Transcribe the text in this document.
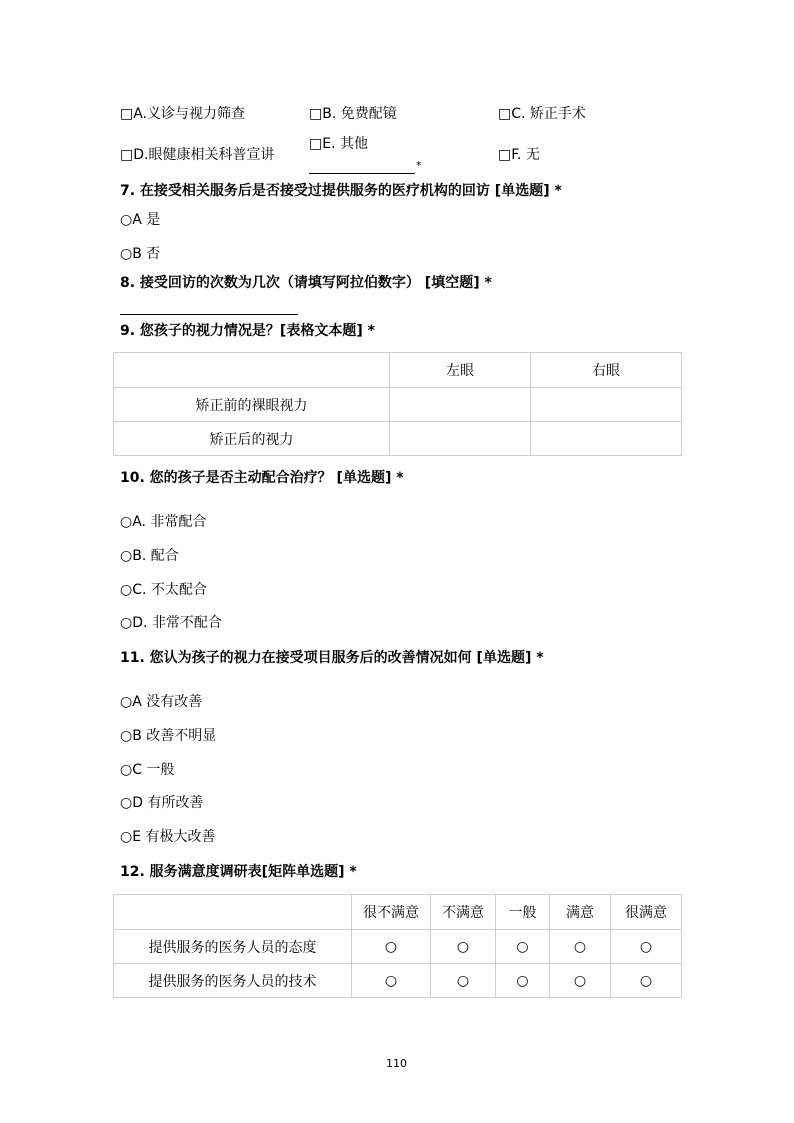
□A.义诊与视力筛查	□B. 免费配镜	□C. 矫正手术
□D.眼健康相关科普宣讲
□E. 其他
*
□F. 无
7. 在接受相关服务后是否接受过提供服务的医疗机构的回访 [单选题] *
○A 是
○B 否
8. 接受回访的次数为几次（请填写阿拉伯数字） [填空题] *
9. 您孩子的视力情况是？[表格文本题] *
	左眼	右眼
矫正前的裸眼视力		
矫正后的视力		
10. 您的孩子是否主动配合治疗？ [单选题] *
○A. 非常配合
○B. 配合
○C. 不太配合
○D. 非常不配合
11. 您认为孩子的视力在接受项目服务后的改善情况如何 [单选题] *
○A 没有改善
○B 改善不明显
○C 一般
○D 有所改善
○E 有极大改善
12. 服务满意度调研表[矩阵单选题] *
	很不满意	不满意	一般	满意	很满意
提供服务的医务人员的态度	○	○	○	○	○
提供服务的医务人员的技术	○	○	○	○	○
110
